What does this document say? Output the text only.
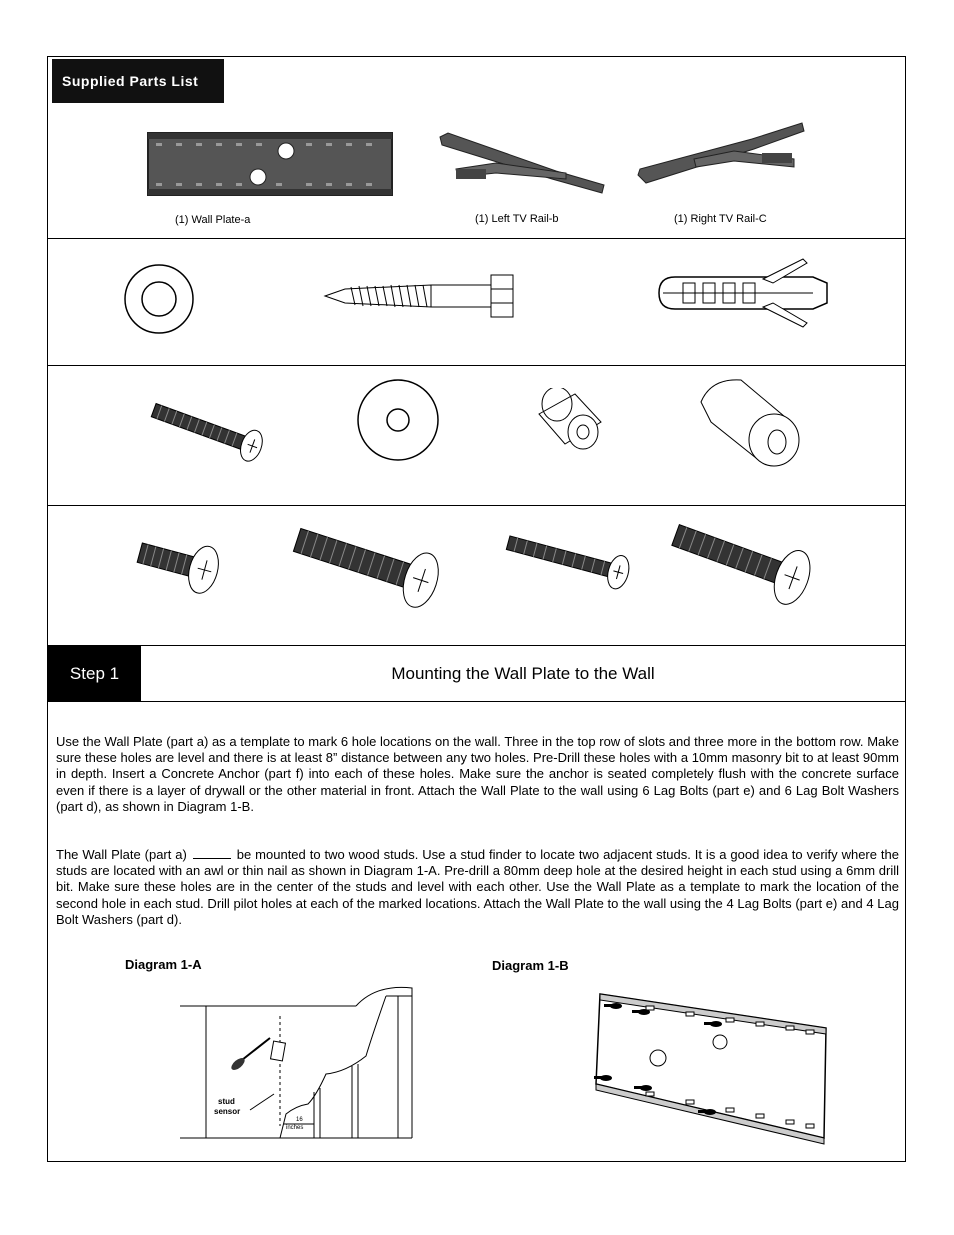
Supplied Parts List
(1) Wall Plate-a	(1) Left TV Rail-b	(1) Right TV Rail-C
Step 1	Mounting the Wall Plate to the Wall
Use the Wall Plate (part a) as a template to mark 6 hole locations on the wall. Three in the top row of slots and three more in the bottom row. Make sure these holes are level and there is at least 8” distance between any two holes. Pre-Drill these holes with a 10mm masonry bit to at least 90mm in depth. Insert a Concrete Anchor (part f) into each of these holes. Make sure the anchor is seated completely flush with the concrete surface even if there is a layer of drywall or the other material in front. Attach the Wall Plate to the wall using 6 Lag Bolts (part e) and 6 Lag Bolt Washers (part d), as shown in Diagram 1-B.
The Wall Plate (part a)	be mounted to two wood studs. Use a stud finder to locate two adjacent studs. It is a good idea to verify where the studs are located with an awl or thin nail as shown in Diagram 1-A. Pre-drill a 80mm deep hole at the desired height in each stud using a 6mm drill bit. Make sure these holes are in the center of the studs and level with each other. Use the Wall Plate as a template to mark the location of the second hole in each stud. Drill pilot holes at each of the marked locations. Attach the Wall Plate to the wall using the 4 Lag Bolts (part e) and 4 Lag Bolt Washers (part d).
Diagram 1-A	Diagram 1-B
stud
sensor
16
inches
